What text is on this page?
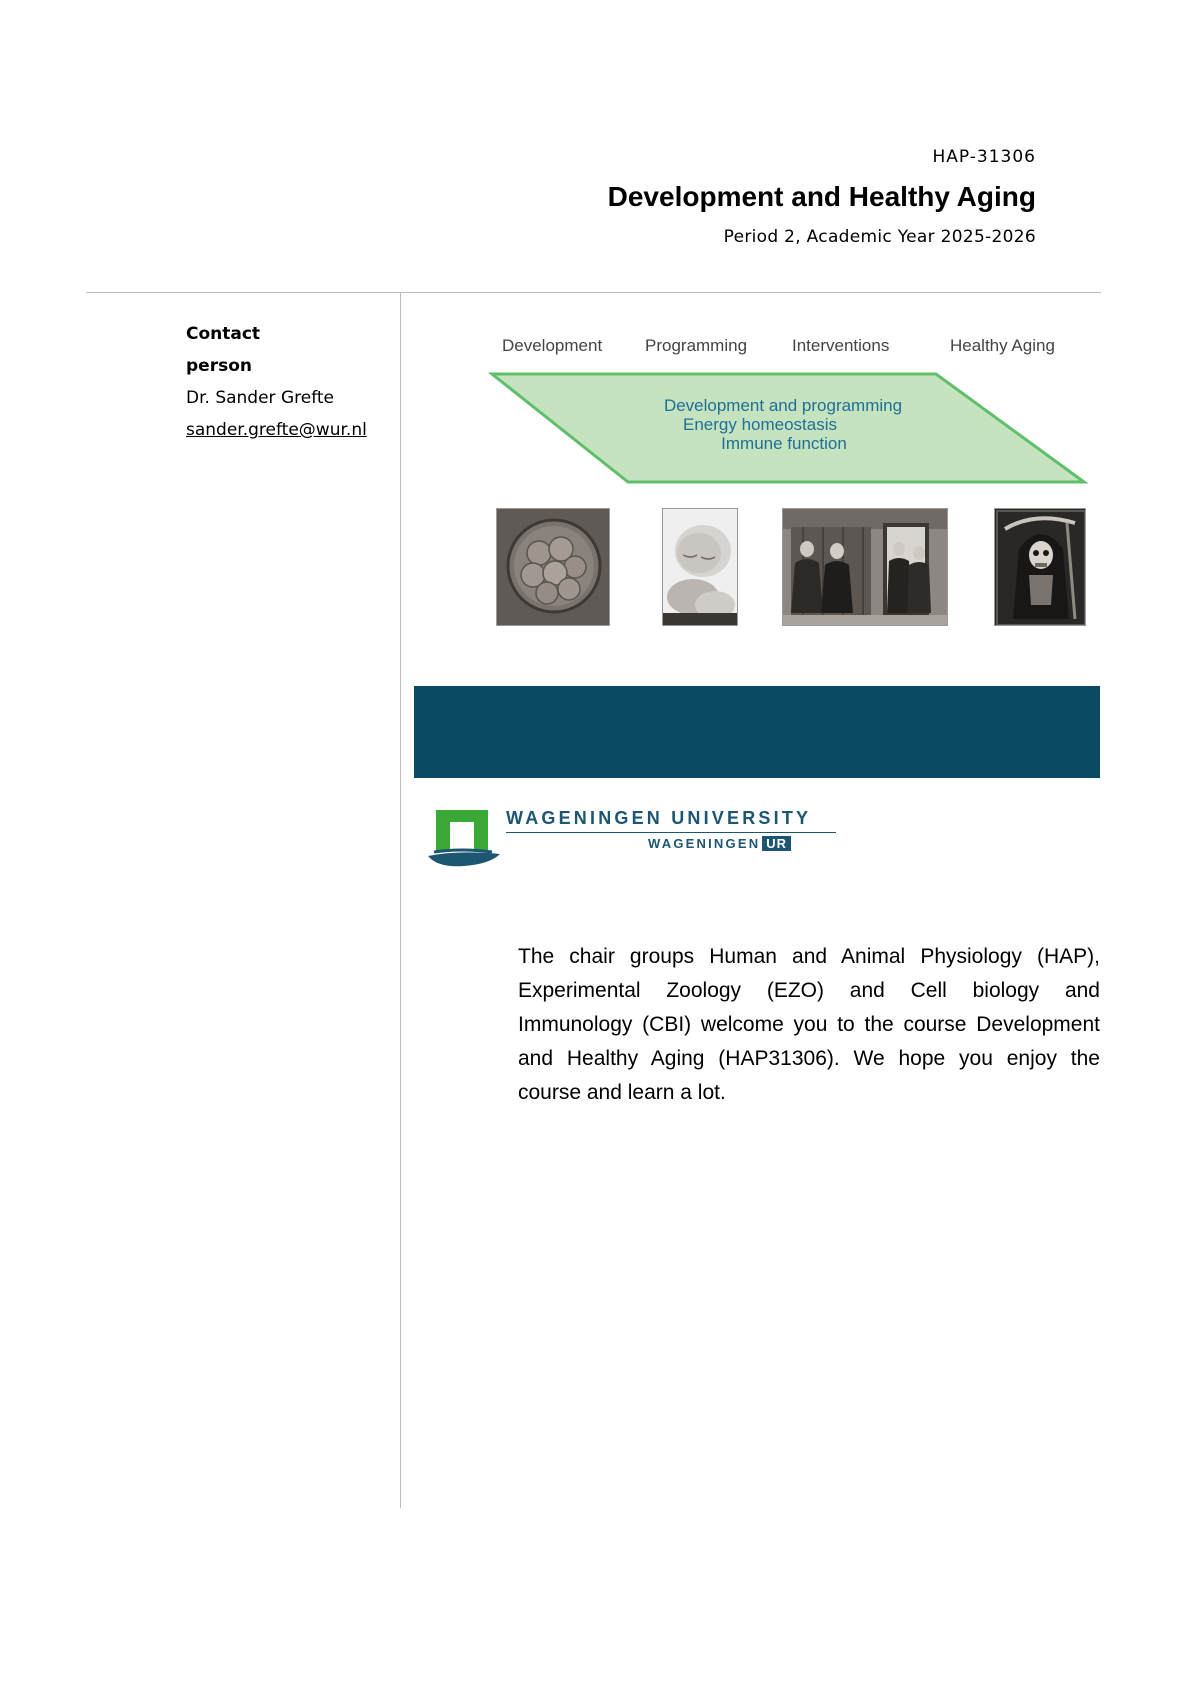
HAP-31306
Development and Healthy Aging
Period 2, Academic Year 2025-2026
Contact person
Dr. Sander Grefte
sander.grefte@wur.nl
Development	Programming	Interventions	Healthy Aging
Development and programming
Energy homeostasis
Immune function
WAGENINGEN UNIVERSITY
WAGENINGEN UR
The chair groups Human and Animal Physiology (HAP), Experimental Zoology (EZO) and Cell biology and Immunology (CBI) welcome you to the course Development and Healthy Aging (HAP31306). We hope you enjoy the course and learn a lot.
